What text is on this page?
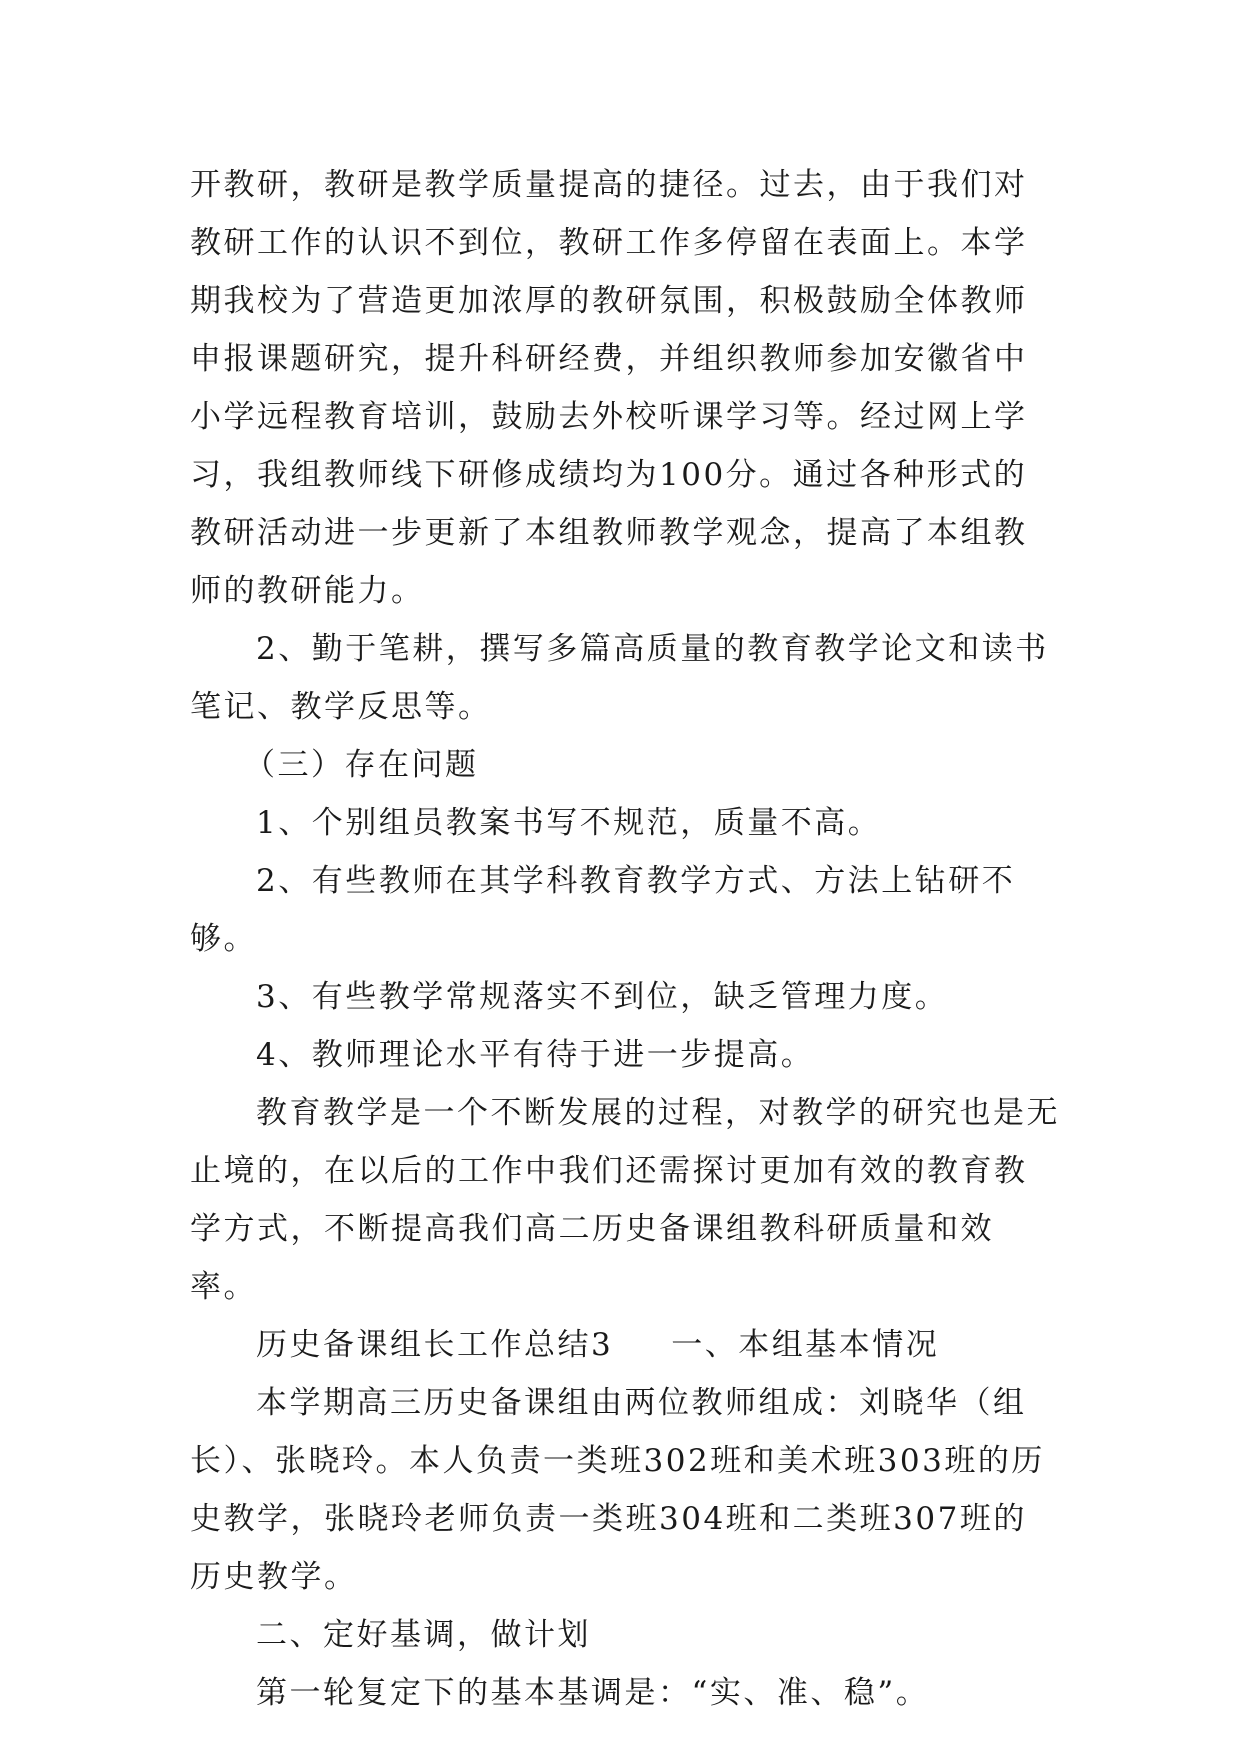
开教研，教研是教学质量提高的捷径。过去，由于我们对教研工作的认识不到位，教研工作多停留在表面上。本学期我校为了营造更加浓厚的教研氛围，积极鼓励全体教师申报课题研究，提升科研经费，并组织教师参加安徽省中小学远程教育培训，鼓励去外校听课学习等。经过网上学习，我组教师线下研修成绩均为100分。通过各种形式的教研活动进一步更新了本组教师教学观念，提高了本组教师的教研能力。

2、勤于笔耕，撰写多篇高质量的教育教学论文和读书笔记、教学反思等。

（三）存在问题

1、个别组员教案书写不规范，质量不高。

2、有些教师在其学科教育教学方式、方法上钻研不够。

3、有些教学常规落实不到位，缺乏管理力度。

4、教师理论水平有待于进一步提高。

教育教学是一个不断发展的过程，对教学的研究也是无止境的，在以后的工作中我们还需探讨更加有效的教育教学方式，不断提高我们高二历史备课组教科研质量和效率。

历史备课组长工作总结3 一、本组基本情况

本学期高三历史备课组由两位教师组成：刘晓华（组长）、张晓玲。本人负责一类班302班和美术班303班的历史教学，张晓玲老师负责一类班304班和二类班307班的历史教学。

二、定好基调，做计划

第一轮复定下的基本基调是：“实、准、稳”。
